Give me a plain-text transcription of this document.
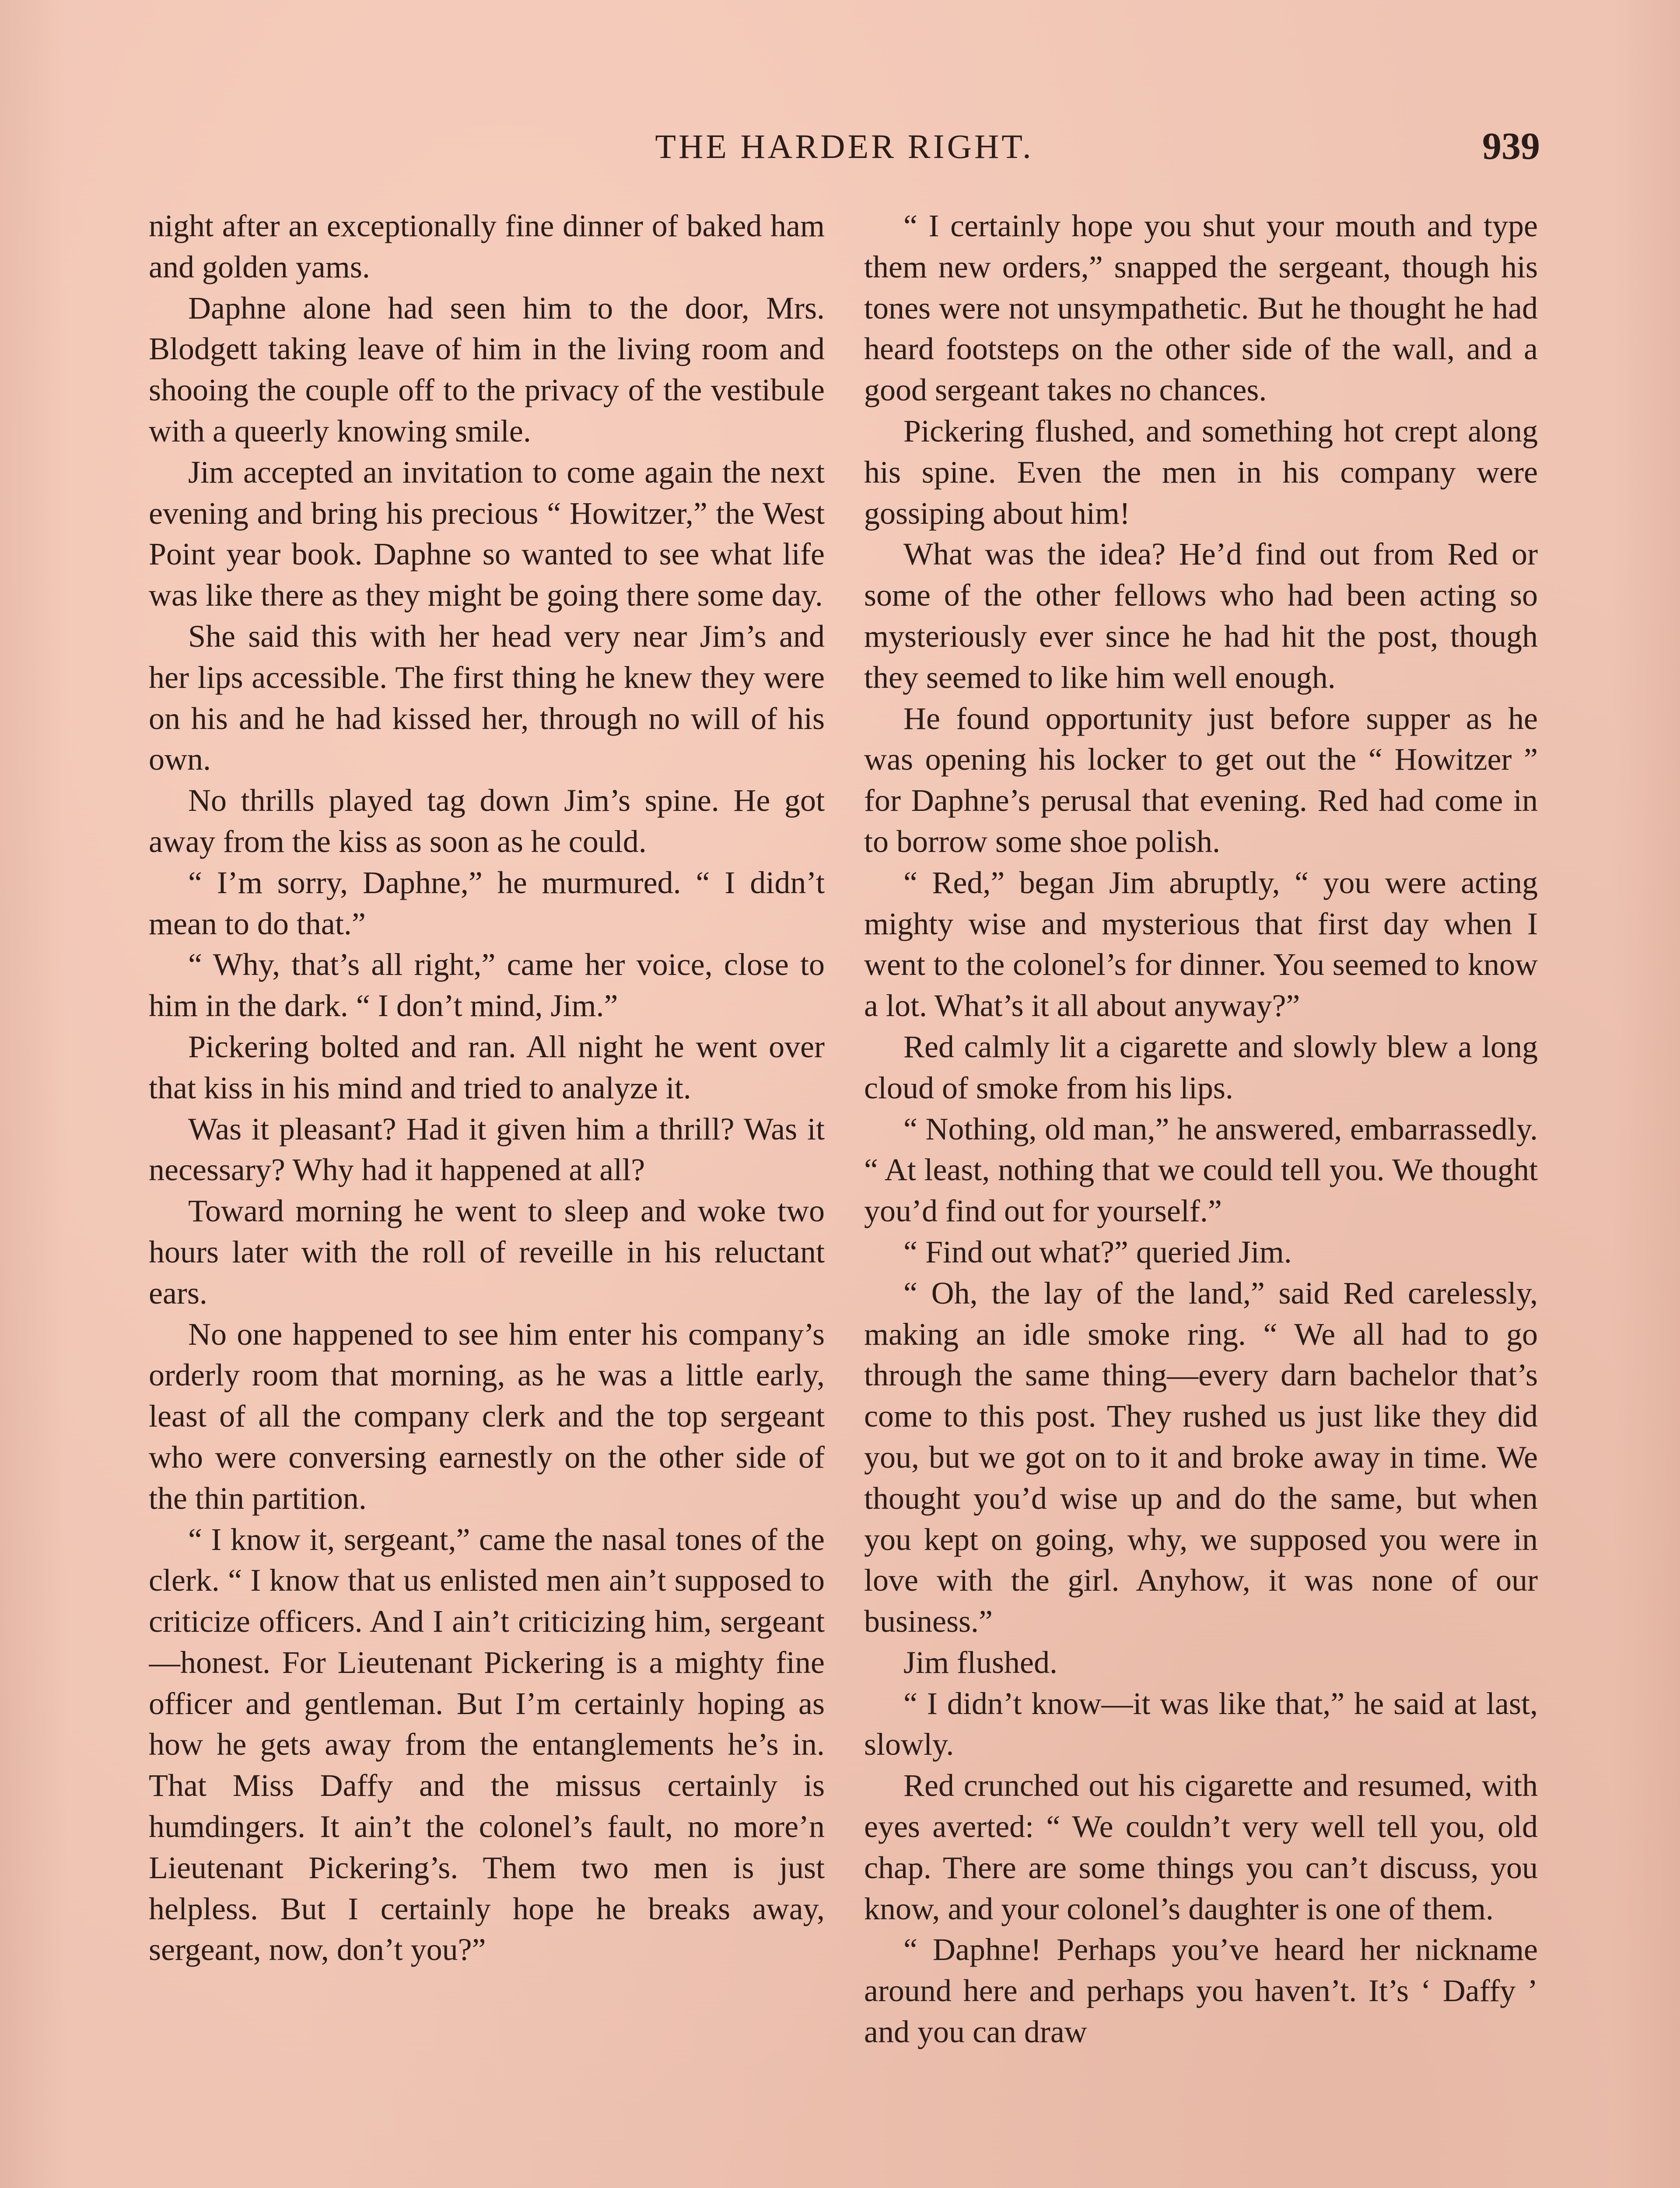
THE HARDER RIGHT.	939

night after an exceptionally fine dinner of baked ham and golden yams.

Daphne alone had seen him to the door, Mrs. Blodgett taking leave of him in the living room and shooing the couple off to the privacy of the vestibule with a queerly knowing smile.

Jim accepted an invitation to come again the next evening and bring his precious “ Howitzer,” the West Point year book. Daphne so wanted to see what life was like there as they might be going there some day.

She said this with her head very near Jim’s and her lips accessible. The first thing he knew they were on his and he had kissed her, through no will of his own.

No thrills played tag down Jim’s spine. He got away from the kiss as soon as he could.

“ I’m sorry, Daphne,” he murmured. “ I didn’t mean to do that.”

“ Why, that’s all right,” came her voice, close to him in the dark. “ I don’t mind, Jim.”

Pickering bolted and ran. All night he went over that kiss in his mind and tried to analyze it.

Was it pleasant? Had it given him a thrill? Was it necessary? Why had it happened at all?

Toward morning he went to sleep and woke two hours later with the roll of reveille in his reluctant ears.

No one happened to see him enter his company’s orderly room that morning, as he was a little early, least of all the company clerk and the top sergeant who were conversing earnestly on the other side of the thin partition.

“ I know it, sergeant,” came the nasal tones of the clerk. “ I know that us enlisted men ain’t supposed to criticize officers. And I ain’t criticizing him, sergeant —honest. For Lieutenant Pickering is a mighty fine officer and gentleman. But I’m certainly hoping as how he gets away from the entanglements he’s in. That Miss Daffy and the missus certainly is humdingers. It ain’t the colonel’s fault, no more’n Lieutenant Pickering’s. Them two men is just helpless. But I certainly hope he breaks away, sergeant, now, don’t you?”

“ I certainly hope you shut your mouth and type them new orders,” snapped the sergeant, though his tones were not unsympathetic. But he thought he had heard footsteps on the other side of the wall, and a good sergeant takes no chances.

Pickering flushed, and something hot crept along his spine. Even the men in his company were gossiping about him!

What was the idea? He’d find out from Red or some of the other fellows who had been acting so mysteriously ever since he had hit the post, though they seemed to like him well enough.

He found opportunity just before supper as he was opening his locker to get out the “ Howitzer ” for Daphne’s perusal that evening. Red had come in to borrow some shoe polish.

“ Red,” began Jim abruptly, “ you were acting mighty wise and mysterious that first day when I went to the colonel’s for dinner. You seemed to know a lot. What’s it all about anyway?”

Red calmly lit a cigarette and slowly blew a long cloud of smoke from his lips.

“ Nothing, old man,” he answered, embarrassedly. “ At least, nothing that we could tell you. We thought you’d find out for yourself.”

“ Find out what?” queried Jim.

“ Oh, the lay of the land,” said Red carelessly, making an idle smoke ring. “ We all had to go through the same thing—every darn bachelor that’s come to this post. They rushed us just like they did you, but we got on to it and broke away in time. We thought you’d wise up and do the same, but when you kept on going, why, we supposed you were in love with the girl. Anyhow, it was none of our business.”

Jim flushed.

“ I didn’t know—it was like that,” he said at last, slowly.

Red crunched out his cigarette and resumed, with eyes averted: “ We couldn’t very well tell you, old chap. There are some things you can’t discuss, you know, and your colonel’s daughter is one of them.

“ Daphne! Perhaps you’ve heard her nickname around here and perhaps you haven’t. It’s ‘ Daffy ’ and you can draw
